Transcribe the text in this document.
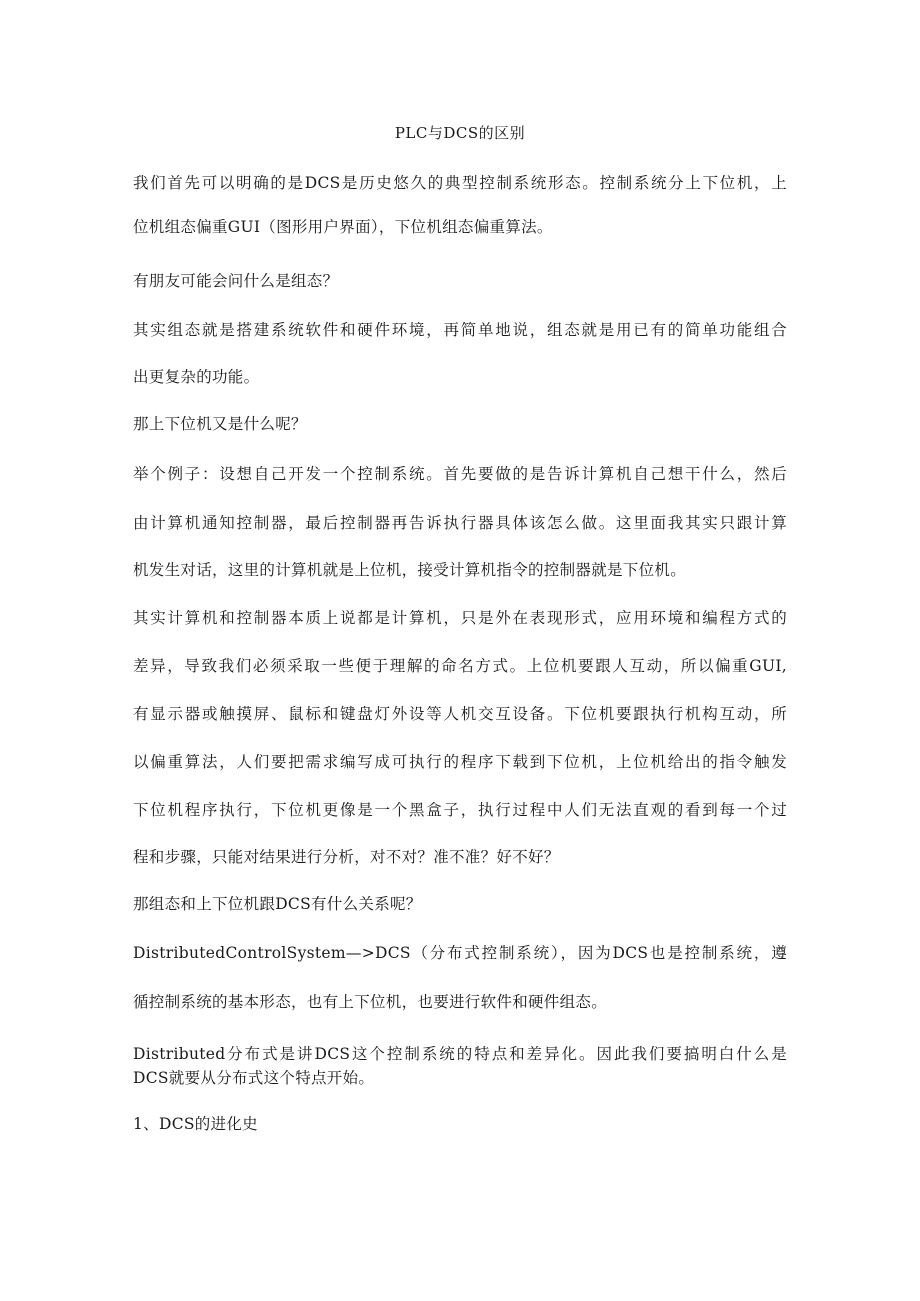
PLC与DCS的区别
我们首先可以明确的是DCS是历史悠久的典型控制系统形态。控制系统分上下位机，上
位机组态偏重GUI（图形用户界面），下位机组态偏重算法。
有朋友可能会问什么是组态？
其实组态就是搭建系统软件和硬件环境，再简单地说，组态就是用已有的简单功能组合
出更复杂的功能。
那上下位机又是什么呢？
举个例子：设想自己开发一个控制系统。首先要做的是告诉计算机自己想干什么，然后
由计算机通知控制器，最后控制器再告诉执行器具体该怎么做。这里面我其实只跟计算
机发生对话，这里的计算机就是上位机，接受计算机指令的控制器就是下位机。
其实计算机和控制器本质上说都是计算机，只是外在表现形式，应用环境和编程方式的
差异，导致我们必须采取一些便于理解的命名方式。上位机要跟人互动，所以偏重GUI,
有显示器或触摸屏、鼠标和键盘灯外设等人机交互设备。下位机要跟执行机构互动，所
以偏重算法，人们要把需求编写成可执行的程序下载到下位机，上位机给出的指令触发
下位机程序执行，下位机更像是一个黑盒子，执行过程中人们无法直观的看到每一个过
程和步骤，只能对结果进行分析，对不对？准不准？好不好？
那组态和上下位机跟DCS有什么关系呢？
DistributedControlSystem—>DCS（分布式控制系统），因为DCS也是控制系统，遵
循控制系统的基本形态，也有上下位机，也要进行软件和硬件组态。
Distributed分布式是讲DCS这个控制系统的特点和差异化。因此我们要搞明白什么是
DCS就要从分布式这个特点开始。
1、DCS的进化史
